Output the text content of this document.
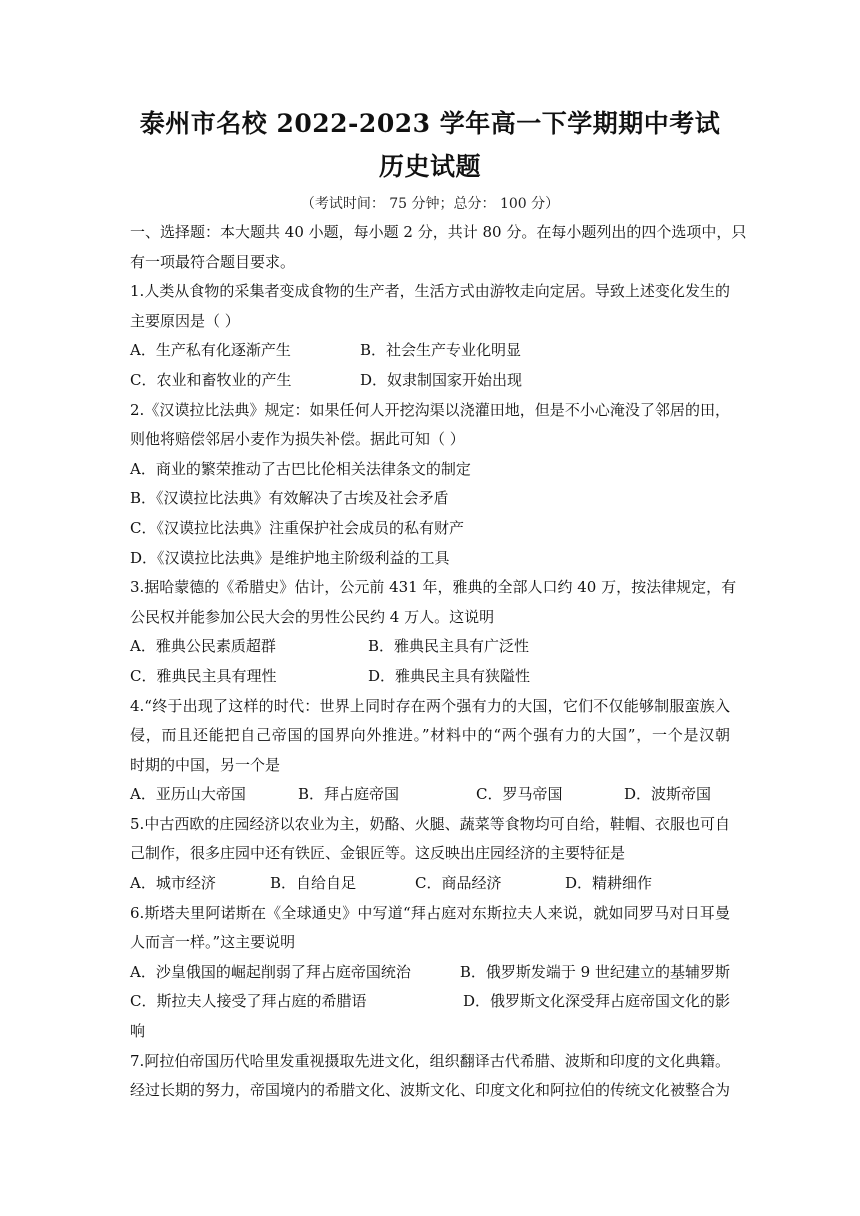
泰州市名校 2022-2023 学年高一下学期期中考试
历史试题
（考试时间： 75 分钟；总分： 100 分）
一、选择题：本大题共 40 小题，每小题 2 分，共计 80 分。在每小题列出的四个选项中，只
有一项最符合题目要求。
1.人类从食物的采集者变成食物的生产者，生活方式由游牧走向定居。导致上述变化发生的
主要原因是（ ）
A．生产私有化逐渐产生	B．社会生产专业化明显
C．农业和畜牧业的产生	D．奴隶制国家开始出现
2.《汉谟拉比法典》规定：如果任何人开挖沟渠以浇灌田地，但是不小心淹没了邻居的田，
则他将赔偿邻居小麦作为损失补偿。据此可知（ ）
A．商业的繁荣推动了古巴比伦相关法律条文的制定
B．《汉谟拉比法典》有效解决了古埃及社会矛盾
C．《汉谟拉比法典》注重保护社会成员的私有财产
D．《汉谟拉比法典》是维护地主阶级利益的工具
3.据哈蒙德的《希腊史》估计，公元前 431 年，雅典的全部人口约 40 万，按法律规定，有
公民权并能参加公民大会的男性公民约 4 万人。这说明
A．雅典公民素质超群	B．雅典民主具有广泛性
C．雅典民主具有理性	D．雅典民主具有狭隘性
4.“终于出现了这样的时代：世界上同时存在两个强有力的大国，它们不仅能够制服蛮族入
侵，而且还能把自己帝国的国界向外推进。”材料中的“两个强有力的大国”，一个是汉朝
时期的中国，另一个是
A．亚历山大帝国	B．拜占庭帝国	C．罗马帝国	D．波斯帝国
5.中古西欧的庄园经济以农业为主，奶酪、火腿、蔬菜等食物均可自给，鞋帽、衣服也可自
己制作，很多庄园中还有铁匠、金银匠等。这反映出庄园经济的主要特征是
A．城市经济	B．自给自足	C．商品经济	D．精耕细作
6.斯塔夫里阿诺斯在《全球通史》中写道“拜占庭对东斯拉夫人来说，就如同罗马对日耳曼
人而言一样。”这主要说明
A．沙皇俄国的崛起削弱了拜占庭帝国统治	B．俄罗斯发端于 9 世纪建立的基辅罗斯
C．斯拉夫人接受了拜占庭的希腊语	D．俄罗斯文化深受拜占庭帝国文化的影
响
7.阿拉伯帝国历代哈里发重视摄取先进文化，组织翻译古代希腊、波斯和印度的文化典籍。
经过长期的努力，帝国境内的希腊文化、波斯文化、印度文化和阿拉伯的传统文化被整合为
